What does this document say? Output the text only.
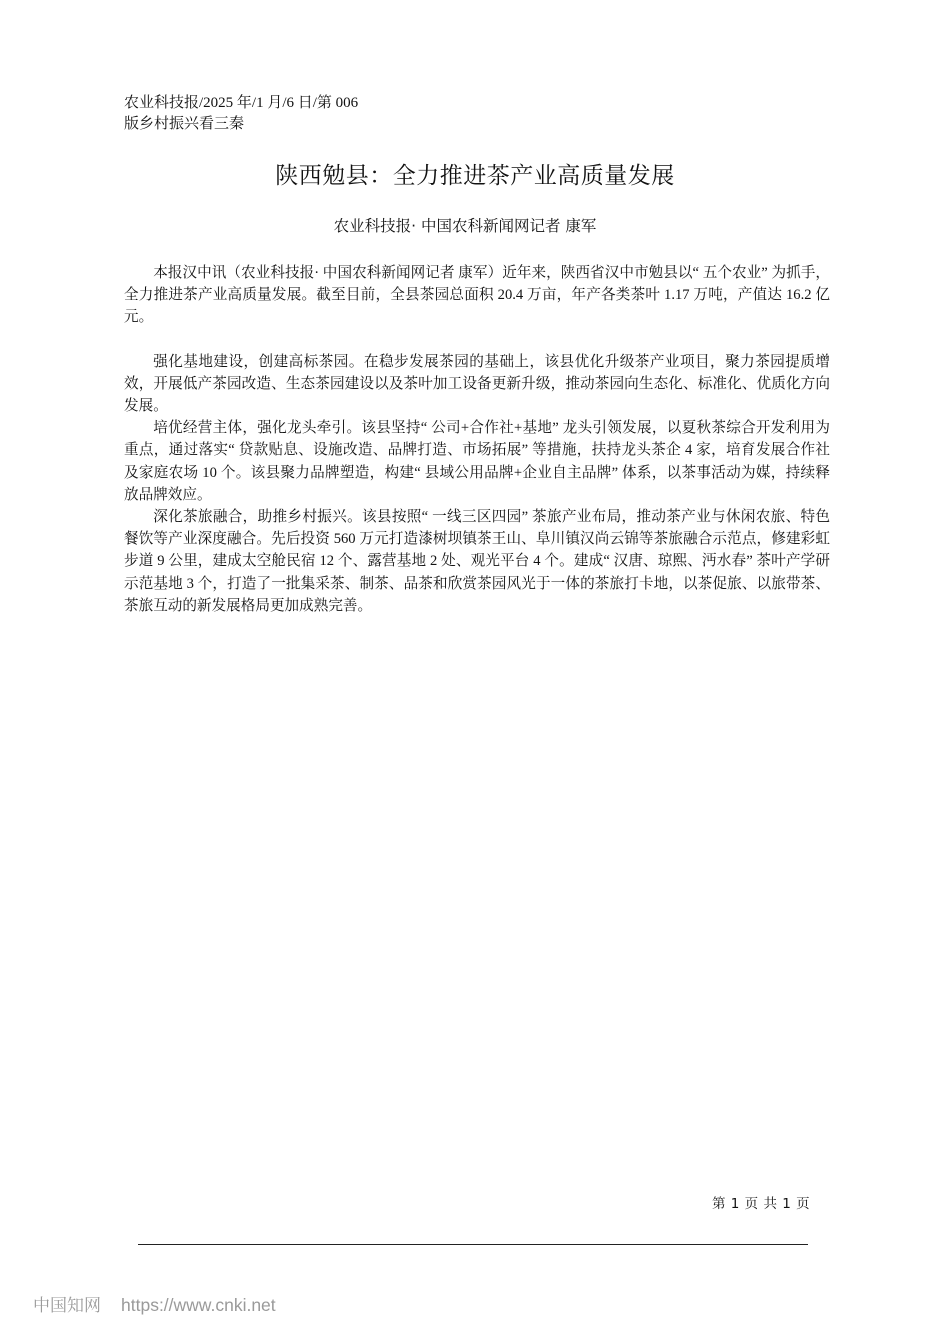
农业科技报/2025 年/1 月/6 日/第 006
版乡村振兴看三秦
陕西勉县：全力推进茶产业高质量发展
农业科技报· 中国农科新闻网记者 康军

本报汉中讯（农业科技报· 中国农科新闻网记者 康军）近年来，陕西省汉中市勉县以“ 五个农业” 为抓手，全力推进茶产业高质量发展。截至目前，全县茶园总面积 20.4 万亩，年产各类茶叶 1.17 万吨，产值达 16.2 亿元。

强化基地建设，创建高标茶园。在稳步发展茶园的基础上，该县优化升级茶产业项目，聚力茶园提质增效，开展低产茶园改造、生态茶园建设以及茶叶加工设备更新升级，推动茶园向生态化、标准化、优质化方向发展。

培优经营主体，强化龙头牵引。该县坚持“ 公司+合作社+基地” 龙头引领发展，以夏秋茶综合开发利用为重点，通过落实“ 贷款贴息、设施改造、品牌打造、市场拓展” 等措施，扶持龙头茶企 4 家，培育发展合作社及家庭农场 10 个。该县聚力品牌塑造，构建“ 县域公用品牌+企业自主品牌” 体系，以茶事活动为媒，持续释放品牌效应。

深化茶旅融合，助推乡村振兴。该县按照“ 一线三区四园” 茶旅产业布局，推动茶产业与休闲农旅、特色餐饮等产业深度融合。先后投资 560 万元打造漆树坝镇茶王山、阜川镇汉尚云锦等茶旅融合示范点，修建彩虹步道 9 公里，建成太空舱民宿 12 个、露营基地 2 处、观光平台 4 个。建成“ 汉唐、琼熙、沔水春” 茶叶产学研示范基地 3 个，打造了一批集采茶、制茶、品茶和欣赏茶园风光于一体的茶旅打卡地，以茶促旅、以旅带茶、茶旅互动的新发展格局更加成熟完善。

第 1 页 共 1 页
中国知网 https://www.cnki.net
